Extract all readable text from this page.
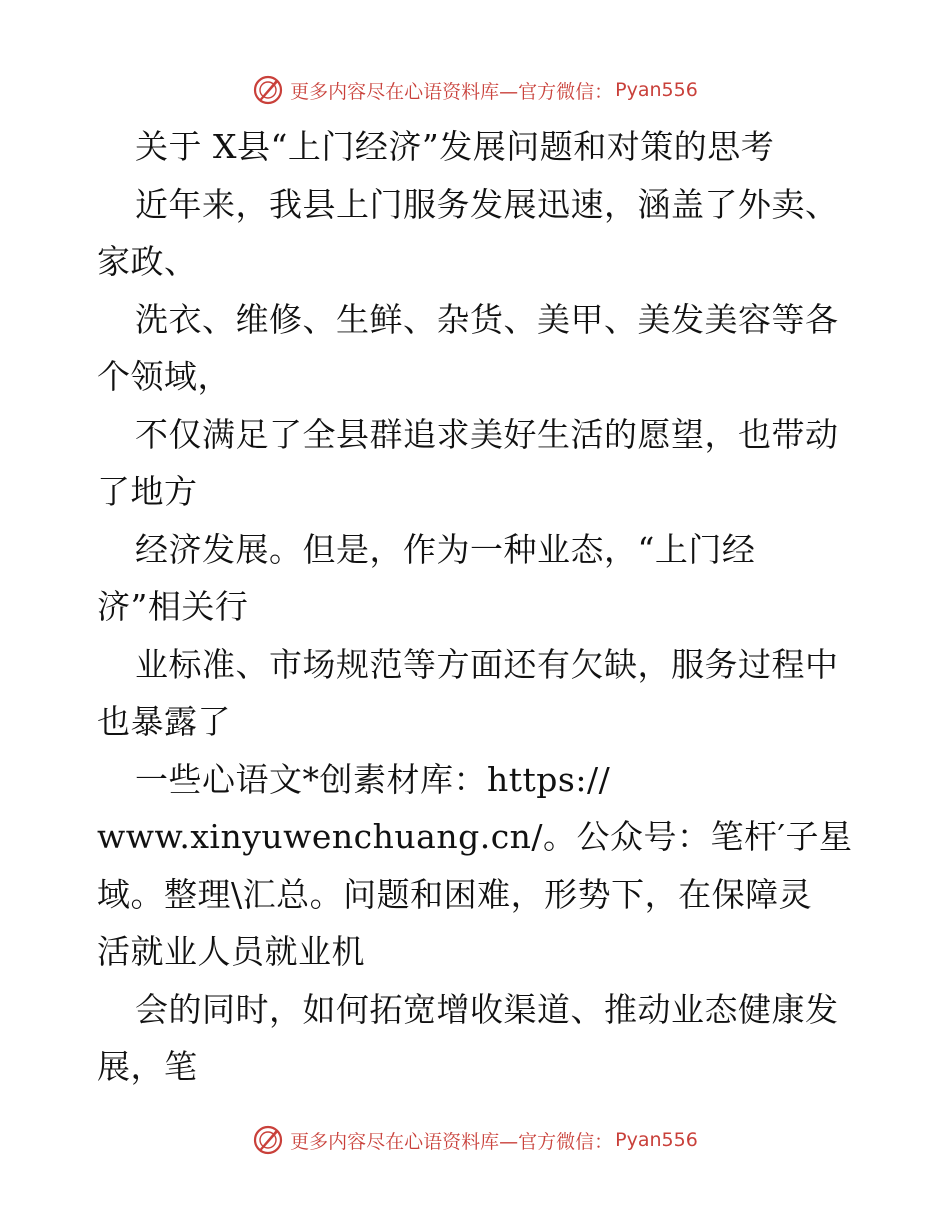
更多内容尽在心语资料库—官方微信： Pyan556
关于 X县“上门经济”发展问题和对策的思考
近年来，我县上门服务发展迅速，涵盖了外卖、
家政、
洗衣、维修、生鲜、杂货、美甲、美发美容等各
个领域，
不仅满足了全县群追求美好生活的愿望，也带动
了地方
经济发展。但是，作为一种业态，“上门经
济”相关行
业标准、市场规范等方面还有欠缺，服务过程中
也暴露了
一些心语文*创素材库：https://
www.xinyuwenchuang.cn/。公众号：笔杆′子星
域。整理\汇总。问题和困难，形势下，在保障灵
活就业人员就业机
会的同时，如何拓宽增收渠道、推动业态健康发
展，笔
更多内容尽在心语资料库—官方微信： Pyan556
